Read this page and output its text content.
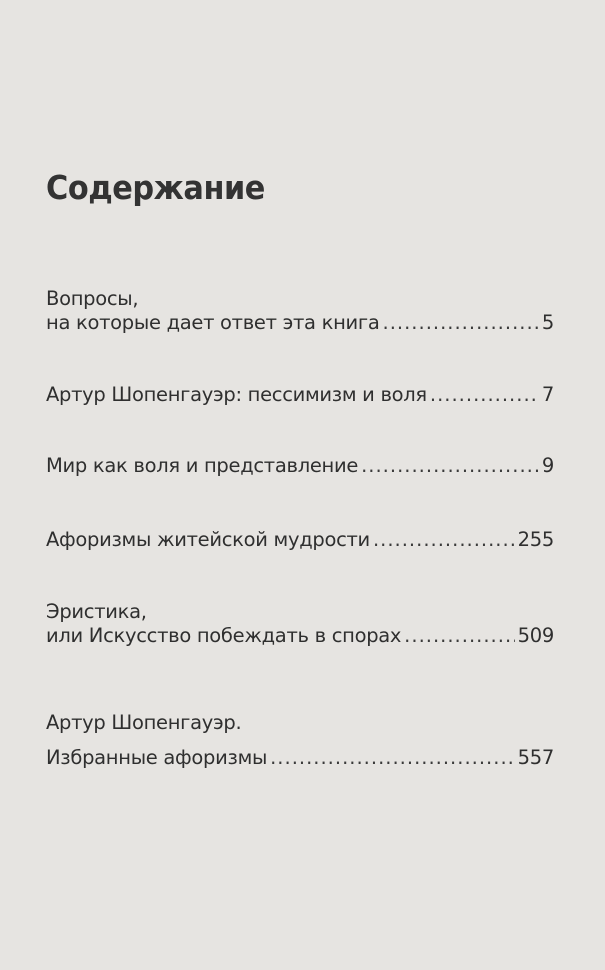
Содержание
Вопросы,
на которые дает ответ эта книга .....	5
Артур Шопенгауэр: пессимизм и воля .....	7
Мир как воля и представление .....	9
Афоризмы житейской мудрости .....	255
Эристика,
или Искусство побеждать в спорах .....	509
Артур Шопенгауэр.
Избранные афоризмы .....	557
